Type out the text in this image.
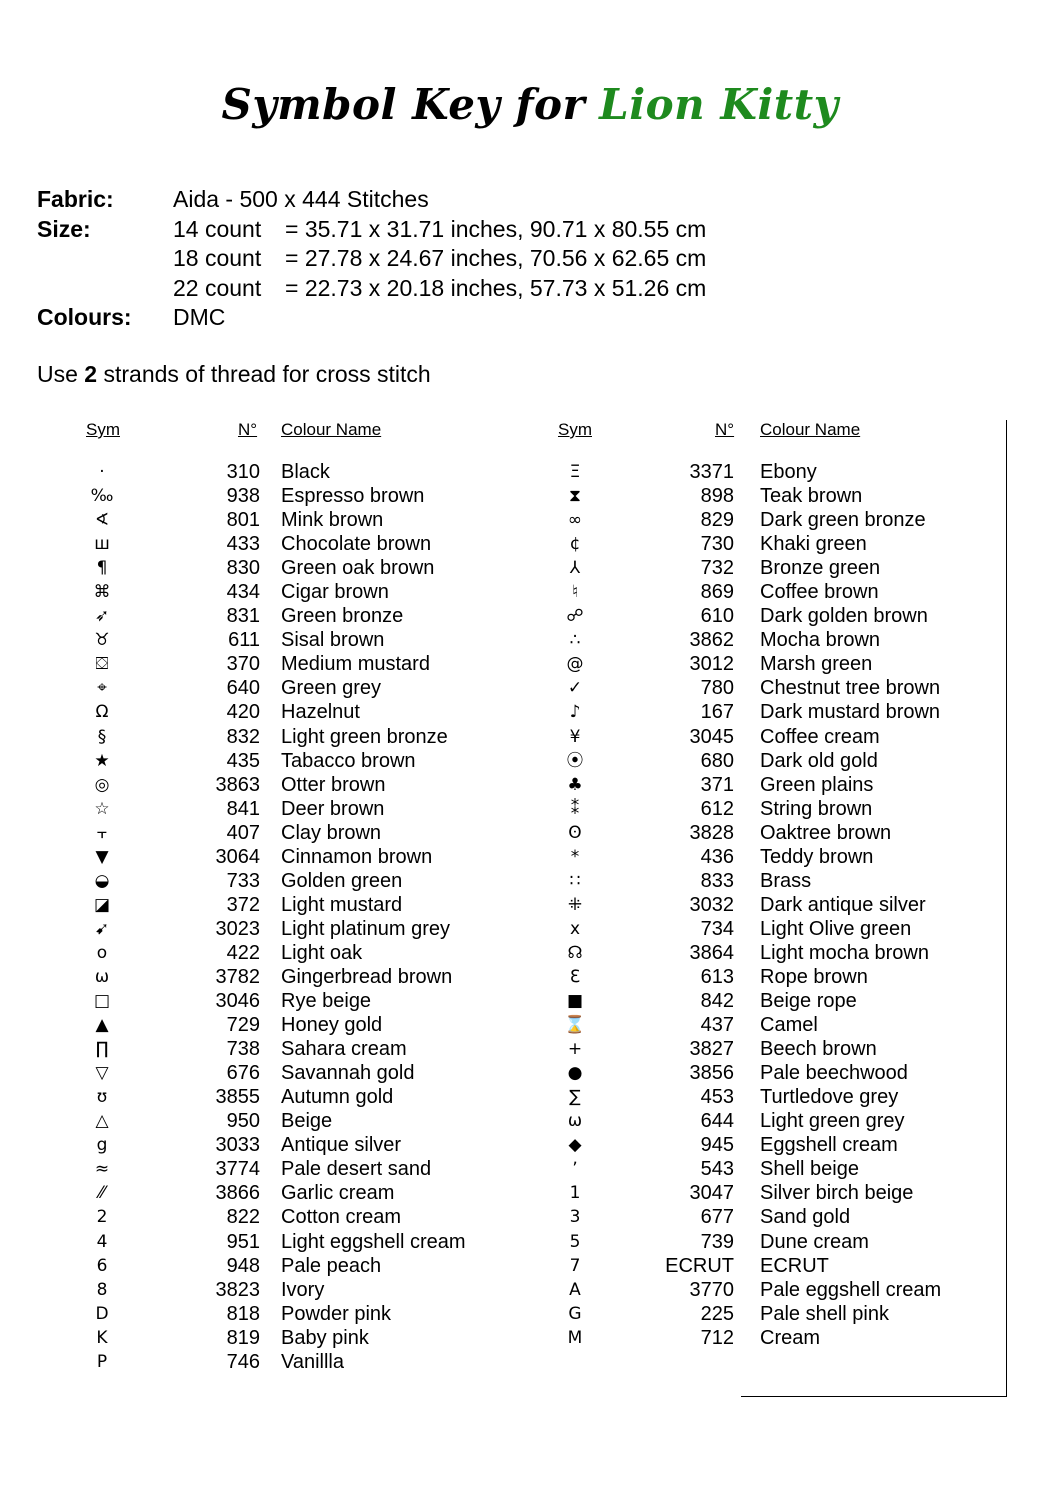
Symbol Key for Lion Kitty
Fabric:	Aida - 500 x 444 Stitches
Size:	14 count = 35.71 x 31.71 inches, 90.71 x 80.55 cm
18 count = 27.78 x 24.67 inches, 70.56 x 62.65 cm
22 count = 22.73 x 20.18 inches, 57.73 x 51.26 cm
Colours: DMC
Use 2 strands of thread for cross stitch
Sym	N° Colour Name	Sym	N° Colour Name
·	310 Black
‰	938 Espresso brown
∢	801 Mink brown
ш	433 Chocolate brown
¶	830 Green oak brown
⌘	434 Cigar brown
➶	831 Green bronze
♉	611 Sisal brown
⛋	370 Medium mustard
⌖	640 Green grey
Ω	420 Hazelnut
§	832 Light green bronze
★	435 Tabacco brown
◎	3863 Otter brown
☆	841 Deer brown
⫟	407 Clay brown
▼	3064 Cinnamon brown
◒	733 Golden green
◪	372 Light mustard
➹	3023 Light platinum grey
o	422 Light oak
ω	3782 Gingerbread brown
□	3046 Rye beige
▲	729 Honey gold
∏	738 Sahara cream
▽	676 Savannah gold
ʊ	3855 Autumn gold
△	950 Beige
g	3033 Antique silver
≈	3774 Pale desert sand
⁄⁄	3866 Garlic cream
2	822 Cotton cream
4	951 Light eggshell cream
6	948 Pale peach
8	3823 Ivory
D	818 Powder pink
K	819 Baby pink
P	746 Vanillla
Ξ	3371 Ebony
⧗	898 Teak brown
∞	829 Dark green bronze
¢	730 Khaki green
⅄	732 Bronze green
♮	869 Coffee brown
☍	610 Dark golden brown
∴	3862 Mocha brown
@	3012 Marsh green
✓	780 Chestnut tree brown
♪	167 Dark mustard brown
¥	3045 Coffee cream
⦿	680 Dark old gold
♣	371 Green plains
⁑	612 String brown
ʘ	3828 Oaktree brown
*	436 Teddy brown
∷	833 Brass
⁜	3032 Dark antique silver
x	734 Light Olive green
☊	3864 Light mocha brown
ℇ	613 Rope brown
■	842 Beige rope
⌛	437 Camel
+	3827 Beech brown
●	3856 Pale beechwood
∑	453 Turtledove grey
ω	644 Light green grey
◆	945 Eggshell cream
٬	543 Shell beige
1	3047 Silver birch beige
3	677 Sand gold
5	739 Dune cream
7	ECRUT ECRUT
A	3770 Pale eggshell cream
G	225 Pale shell pink
M	712 Cream
